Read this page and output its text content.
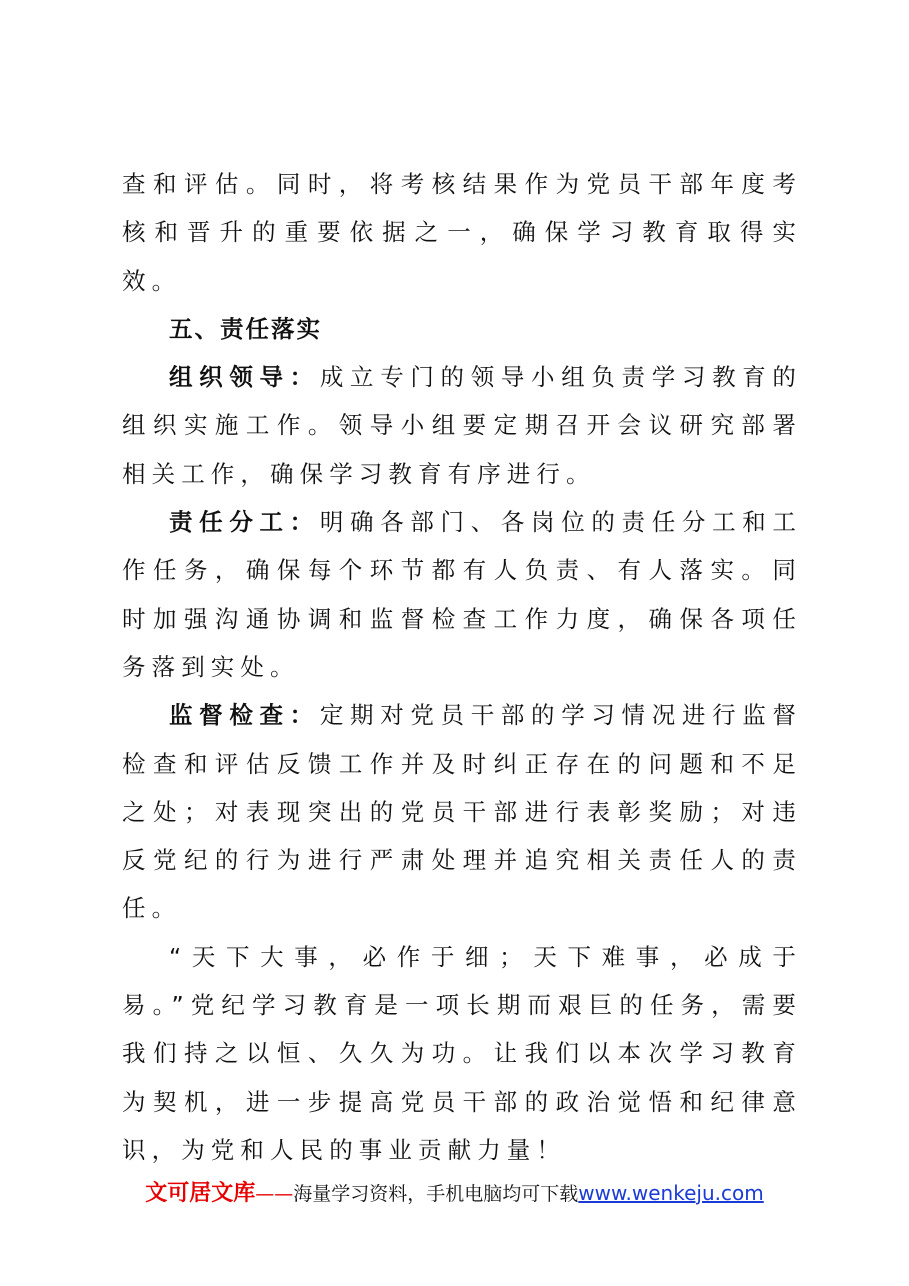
查和评估。同时，将考核结果作为党员干部年度考核和晋升的重要依据之一，确保学习教育取得实效。

五、责任落实

组织领导：成立专门的领导小组负责学习教育的组织实施工作。领导小组要定期召开会议研究部署相关工作，确保学习教育有序进行。

责任分工：明确各部门、各岗位的责任分工和工作任务，确保每个环节都有人负责、有人落实。同时加强沟通协调和监督检查工作力度，确保各项任务落到实处。

监督检查：定期对党员干部的学习情况进行监督检查和评估反馈工作并及时纠正存在的问题和不足之处；对表现突出的党员干部进行表彰奖励；对违反党纪的行为进行严肃处理并追究相关责任人的责任。

“天下大事，必作于细；天下难事，必成于易。”党纪学习教育是一项长期而艰巨的任务，需要我们持之以恒、久久为功。让我们以本次学习教育为契机，进一步提高党员干部的政治觉悟和纪律意识，为党和人民的事业贡献力量！

文可居文库——海量学习资料，手机电脑均可下载www.wenkeju.com
